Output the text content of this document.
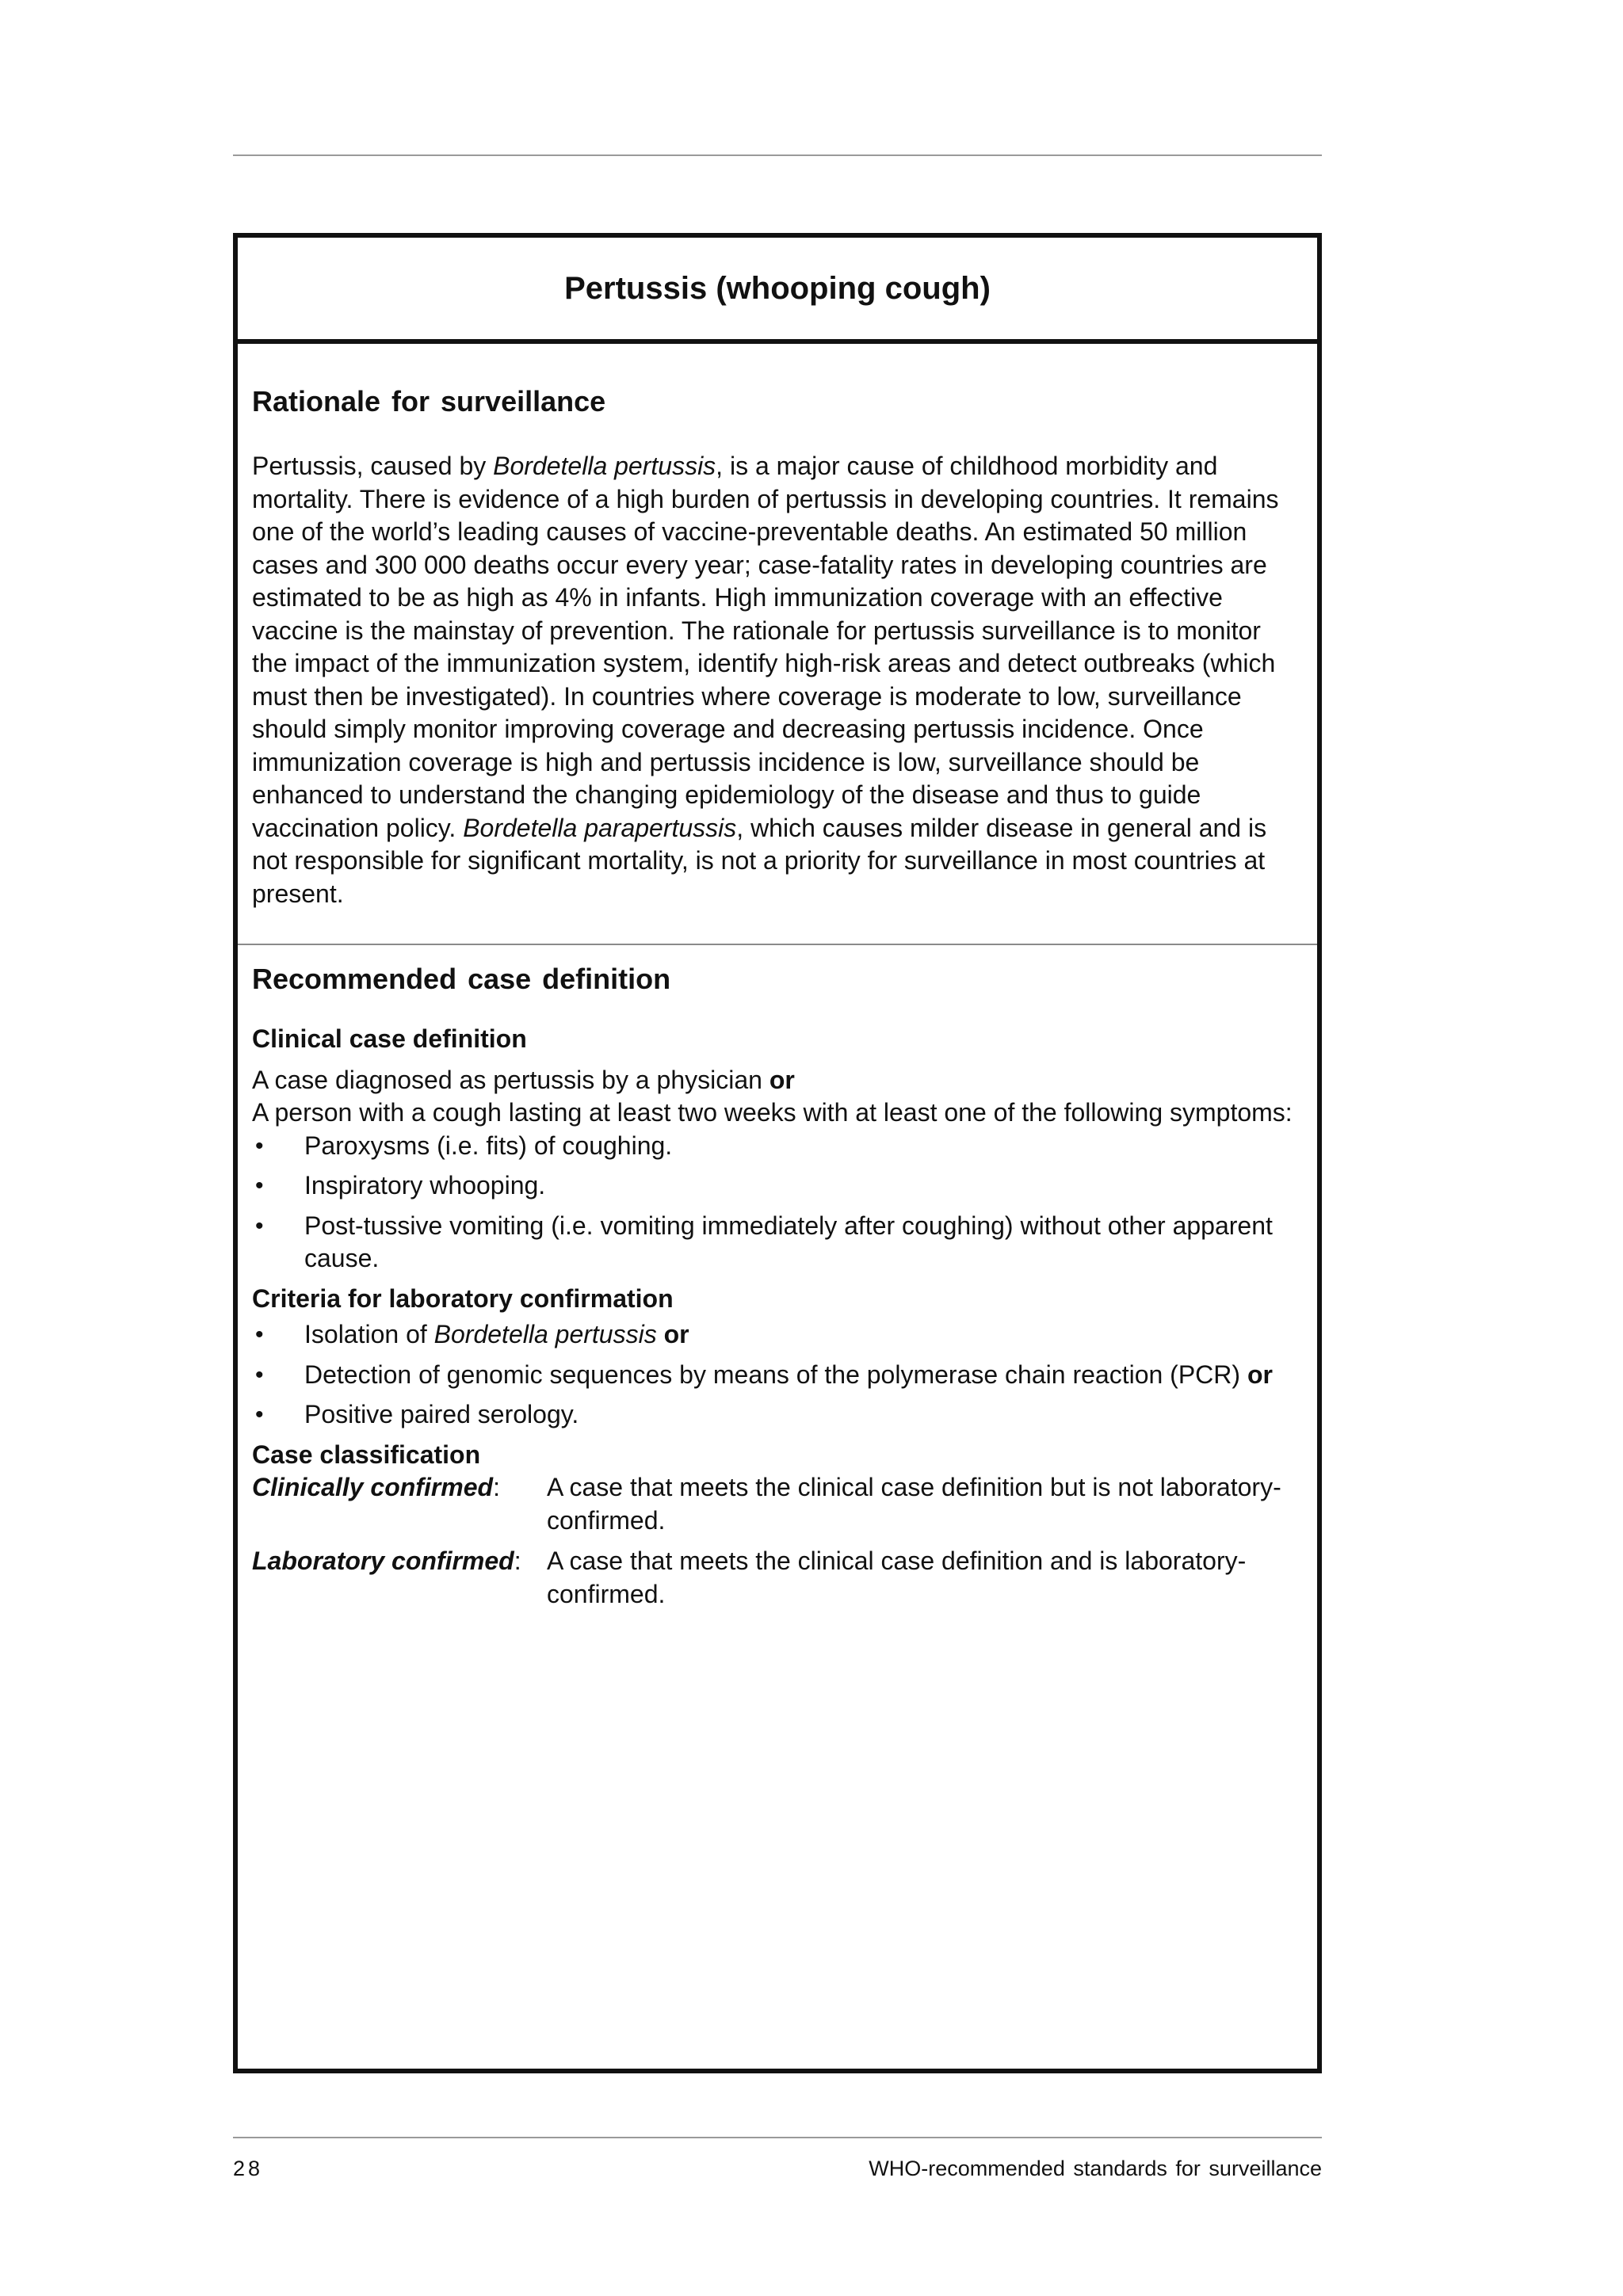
Pertussis (whooping cough)
Rationale for surveillance

Pertussis, caused by Bordetella pertussis, is a major cause of childhood morbidity and mortality. There is evidence of a high burden of pertussis in developing countries. It remains one of the world’s leading causes of vaccine-preventable deaths. An estimated 50 million cases and 300 000 deaths occur every year; case-fatality rates in developing countries are estimated to be as high as 4% in infants. High immunization coverage with an effective vaccine is the mainstay of prevention. The rationale for pertussis surveillance is to monitor the impact of the immunization system, identify high-risk areas and detect outbreaks (which must then be investigated). In countries where coverage is moderate to low, surveillance should simply monitor improving coverage and decreasing pertussis incidence. Once immunization coverage is high and pertussis incidence is low, surveillance should be enhanced to understand the changing epidemiology of the disease and thus to guide vaccination policy. Bordetella parapertussis, which causes milder disease in general and is not responsible for significant mortality, is not a priority for surveillance in most countries at present.

Recommended case definition
Clinical case definition

A case diagnosed as pertussis by a physician or

A person with a cough lasting at least two weeks with at least one of the following symptoms:

• Paroxysms (i.e. fits) of coughing.
• Inspiratory whooping.
• Post-tussive vomiting (i.e. vomiting immediately after coughing) without other apparent cause.
Criteria for laboratory confirmation
• Isolation of Bordetella pertussis or
• Detection of genomic sequences by means of the polymerase chain reaction (PCR) or
• Positive paired serology.
Case classification
Clinically confirmed:	A case that meets the clinical case definition but is not laboratory-confirmed.
Laboratory confirmed:	A case that meets the clinical case definition and is laboratory-confirmed.
28	WHO-recommended standards for surveillance
